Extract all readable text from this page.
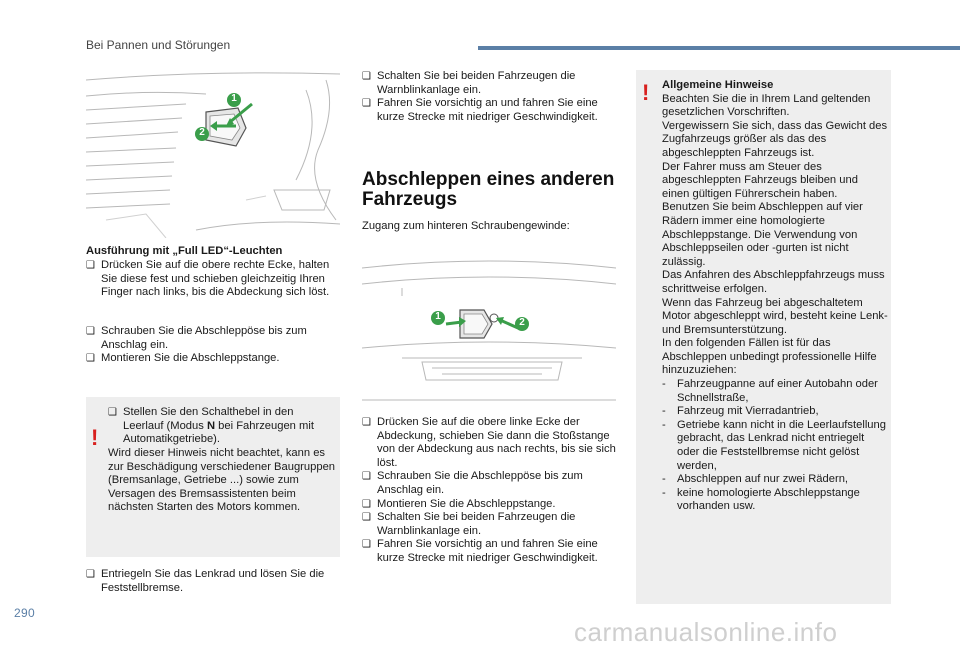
Bei Pannen und Störungen
1
2
Ausführung mit „Full LED“-Leuchten
❑ Drücken Sie auf die obere rechte Ecke, halten Sie diese fest und schieben gleichzeitig Ihren Finger nach links, bis die Abdeckung sich löst.
❑ Schrauben Sie die Abschleppöse bis zum Anschlag ein.
❑ Montieren Sie die Abschleppstange.
!
❑ Stellen Sie den Schalthebel in den Leerlauf (Modus N bei Fahrzeugen mit Automatikgetriebe).
Wird dieser Hinweis nicht beachtet, kann es zur Beschädigung verschiedener Baugruppen (Bremsanlage, Getriebe ...) sowie zum Versagen des Bremsassistenten beim nächsten Starten des Motors kommen.
❑ Entriegeln Sie das Lenkrad und lösen Sie die Feststellbremse.
❑ Schalten Sie bei beiden Fahrzeugen die Warnblinkanlage ein.
❑ Fahren Sie vorsichtig an und fahren Sie eine kurze Strecke mit niedriger Geschwindigkeit.
Abschleppen eines anderen Fahrzeugs
Zugang zum hinteren Schraubengewinde:
1
2
❑ Drücken Sie auf die obere linke Ecke der Abdeckung, schieben Sie dann die Stoßstange von der Abdeckung aus nach rechts, bis sie sich löst.
❑ Schrauben Sie die Abschleppöse bis zum Anschlag ein.
❑ Montieren Sie die Abschleppstange.
❑ Schalten Sie bei beiden Fahrzeugen die Warnblinkanlage ein.
❑ Fahren Sie vorsichtig an und fahren Sie eine kurze Strecke mit niedriger Geschwindigkeit.
! Allgemeine Hinweise
Beachten Sie die in Ihrem Land geltenden gesetzlichen Vorschriften.
Vergewissern Sie sich, dass das Gewicht des Zugfahrzeugs größer als das des abgeschleppten Fahrzeugs ist.
Der Fahrer muss am Steuer des abgeschleppten Fahrzeugs bleiben und einen gültigen Führerschein haben.
Benutzen Sie beim Abschleppen auf vier Rädern immer eine homologierte Abschleppstange. Die Verwendung von Abschleppseilen oder -gurten ist nicht zulässig.
Das Anfahren des Abschleppfahrzeugs muss schrittweise erfolgen.
Wenn das Fahrzeug bei abgeschaltetem Motor abgeschleppt wird, besteht keine Lenk- und Bremsunterstützung.
In den folgenden Fällen ist für das Abschleppen unbedingt professionelle Hilfe hinzuzuziehen:
- Fahrzeugpanne auf einer Autobahn oder Schnellstraße,
- Fahrzeug mit Vierradantrieb,
- Getriebe kann nicht in die Leerlaufstellung gebracht, das Lenkrad nicht entriegelt oder die Feststellbremse nicht gelöst werden,
- Abschleppen auf nur zwei Rädern,
- keine homologierte Abschleppstange vorhanden usw.
290
carmanualsonline.info
